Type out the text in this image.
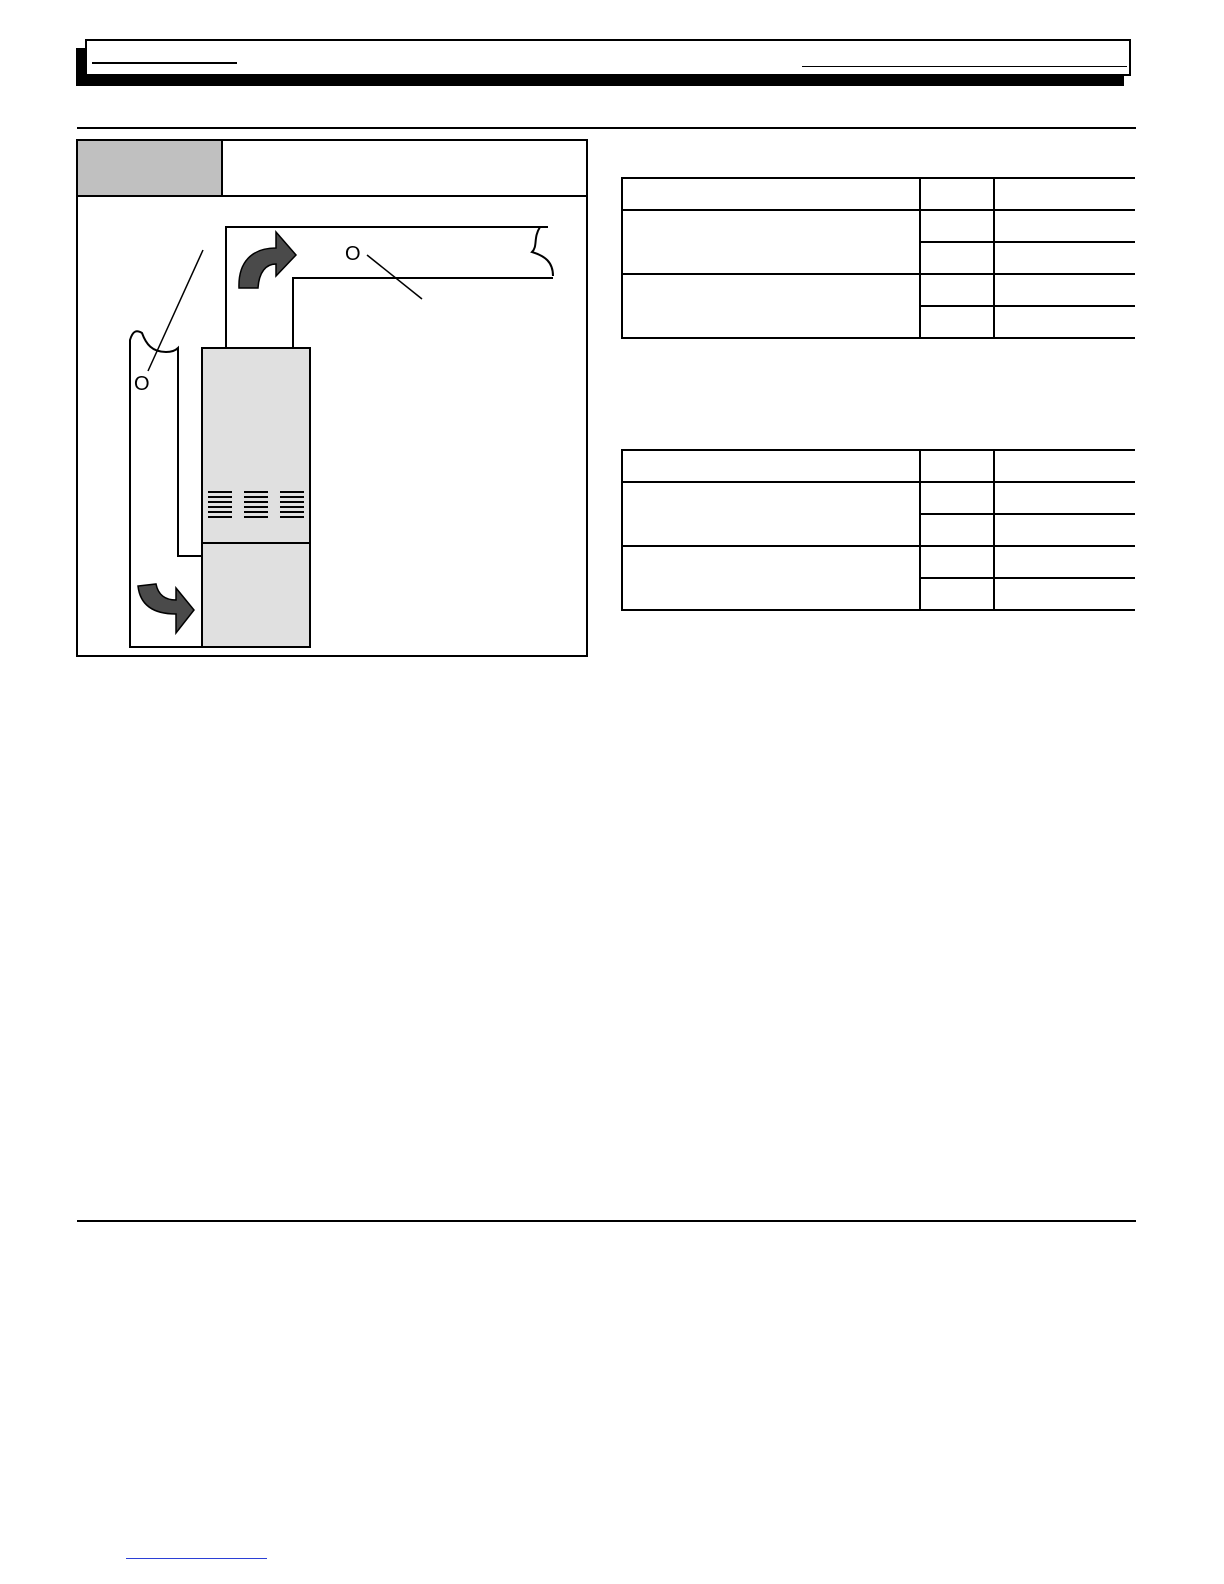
O
O
